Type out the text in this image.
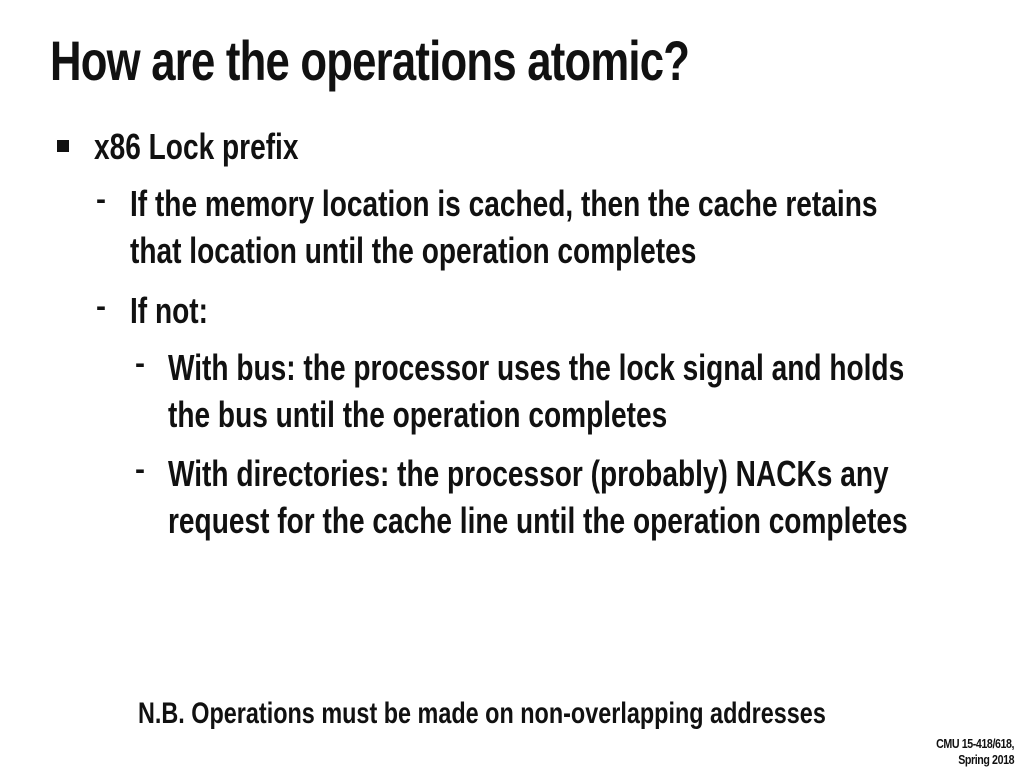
How are the operations atomic?
x86 Lock prefix
- If the memory location is cached, then the cache retains
that location until the operation completes
- If not:
- With bus: the processor uses the lock signal and holds
the bus until the operation completes
- With directories: the processor (probably) NACKs any
request for the cache line until the operation completes
N.B. Operations must be made on non-overlapping addresses
CMU 15-418/618,
Spring 2018
